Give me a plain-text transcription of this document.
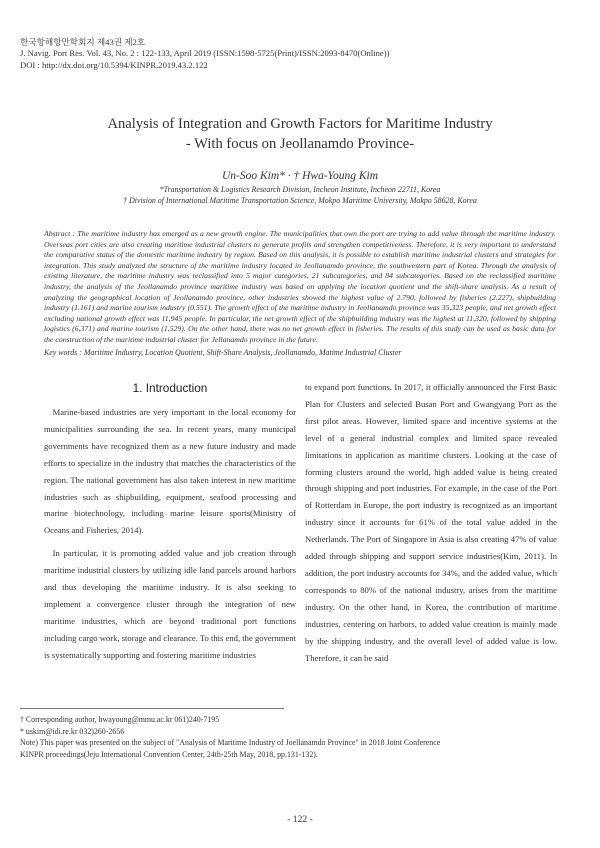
한국항해항만학회지 제43권 제2호
J. Navig. Port Res. Vol. 43, No. 2 : 122-133, April 2019 (ISSN:1598-5725(Print)/ISSN:2093-8470(Online))
DOI : http://dx.doi.org/10.5394/KINPR.2019.43.2.122
Analysis of Integration and Growth Factors for Maritime Industry
- With focus on Jeollanamdo Province-
Un-Soo Kim* · † Hwa-Young Kim
*Transportation & Logistics Research Division, Incheon Institute, Incheon 22711, Korea
† Division of International Maritime Transportation Science, Mokpo Maritime University, Mokpo 58628, Korea
Abstract : The maritime industry has emerged as a new growth engine. The municipalities that own the port are trying to add value through the maritime industry. Overseas port cities are also creating maritime industrial clusters to generate profits and strengthen competitiveness. Therefore, it is very important to understand the comparative status of the domestic maritime industry by region. Based on this analysis, it is possible to establish maritime industrial clusters and strategies for integration. This study analyzed the structure of the maritime industry located in Jeollanamdo province, the southwestern part of Korea. Through the analysis of existing literature, the maritime industry was reclassified into 5 major categories, 21 subcategories, and 84 subcategories. Based on the reclassified maritime industry, the analysis of the Jeollanamdo province maritime industry was based on applying the location quotient and the shift-share analysis. As a result of analyzing the geographical location of Jeollanamdo province, other industries showed the highest value of 2.790, followed by fisheries (2.227), shipbuilding industry (1.161) and marine tourism industry (0.551). The growth effect of the maritime industry in Jeollanamdo province was 35,323 people, and net growth effect excluding national growth effect was 11,945 people. In particular, the net growth effect of the shipbuilding industry was the highest at 11,320, followed by shipping logistics (6,371) and marine tourism (1,529). On the other hand, there was no net growth effect in fisheries. The results of this study can be used as basic data for the construction of the maritime industrial cluster for Jellanamdo province in the future.
Key words : Maritime Industry, Location Quotient, Shift-Share Analysis, Jeollanamdo, Matime Industrial Cluster
1. Introduction

Marine-based industries are very important in the local economy for municipalities surrounding the sea. In recent years, many municipal governments have recognized them as a new future industry and made efforts to specialize in the industry that matches the characteristics of the region. The national government has also taken interest in new maritime industries such as shipbuilding, equipment, seafood processing and marine biotechnology, including marine leisure sports(Ministry of Oceans and Fisheries, 2014).

In particular, it is promoting added value and job creation through maritime industrial clusters by utilizing idle land parcels around harbors and thus developing the maritime industry. It is also seeking to implement a convergence cluster through the integration of new maritime industries, which are beyond traditional port functions including cargo work, storage and clearance. To this end, the government is systematically supporting and fostering maritime industries

to expand port functions. In 2017, it officially announced the First Basic Plan for Clusters and selected Busan Port and Gwangyang Port as the first pilot areas. However, limited space and incentive systems at the level of a general industrial complex and limited space revealed limitations in application as maritime clusters. Looking at the case of forming clusters around the world, high added value is being created through shipping and port industries. For example, in the case of the Port of Rotterdam in Europe, the port industry is recognized as an important industry since it accounts for 61% of the total value added in the Netherlands. The Port of Singapore in Asia is also creating 47% of value added through shipping and support service industries(Kim, 2011). In addition, the port industry accounts for 34%, and the added value, which corresponds to 80% of the national industry, arises from the maritime industry. On the other hand, in Korea, the contribution of maritime industries, centering on harbors, to added value creation is mainly made by the shipping industry, and the overall level of added value is low. Therefore, it can be said

† Corresponding author, hwayoung@mmu.ac.kr 061)240-7195
* uskim@idi.re.kr 032)260-2656
Note) This paper was presented on the subject of "Analysis of Maritime Industry of Joellanamdo Province" in 2018 Joint Conference
KINPR proceedings(Jeju International Convention Center, 24th-25th May, 2018, pp.131-132).
- 122 -
